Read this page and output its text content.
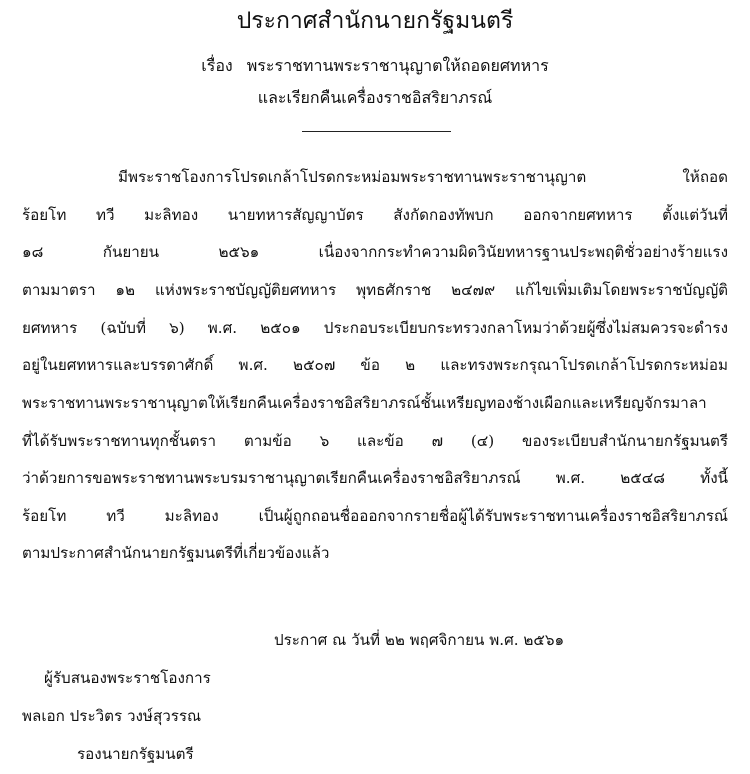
ประกาศสำนักนายกรัฐมนตรี
เรื่อง พระราชทานพระราชานุญาตให้ถอดยศทหาร
และเรียกคืนเครื่องราชอิสริยาภรณ์
มีพระราชโองการโปรดเกล้าโปรดกระหม่อมพระราชทานพระราชานุญาต ให้ถอด
ร้อยโท ทวี มะลิทอง นายทหารสัญญาบัตร สังกัดกองทัพบก ออกจากยศทหาร ตั้งแต่วันที่
๑๘ กันยายน ๒๕๖๑ เนื่องจากกระทำความผิดวินัยทหารฐานประพฤติชั่วอย่างร้ายแรง
ตามมาตรา ๑๒ แห่งพระราชบัญญัติยศทหาร พุทธศักราช ๒๔๗๙ แก้ไขเพิ่มเติมโดยพระราชบัญญัติ
ยศทหาร (ฉบับที่ ๖) พ.ศ. ๒๕๐๑ ประกอบระเบียบกระทรวงกลาโหมว่าด้วยผู้ซึ่งไม่สมควรจะดำรง
อยู่ในยศทหารและบรรดาศักดิ์ พ.ศ. ๒๕๐๗ ข้อ ๒ และทรงพระกรุณาโปรดเกล้าโปรดกระหม่อม
พระราชทานพระราชานุญาตให้เรียกคืนเครื่องราชอิสริยาภรณ์ชั้นเหรียญทองช้างเผือกและเหรียญจักรมาลา
ที่ได้รับพระราชทานทุกชั้นตรา ตามข้อ ๖ และข้อ ๗ (๔) ของระเบียบสำนักนายกรัฐมนตรี
ว่าด้วยการขอพระราชทานพระบรมราชานุญาตเรียกคืนเครื่องราชอิสริยาภรณ์ พ.ศ. ๒๕๔๘ ทั้งนี้
ร้อยโท ทวี มะลิทอง เป็นผู้ถูกถอนชื่อออกจากรายชื่อผู้ได้รับพระราชทานเครื่องราชอิสริยาภรณ์
ตามประกาศสำนักนายกรัฐมนตรีที่เกี่ยวข้องแล้ว
ประกาศ ณ วันที่ ๒๒ พฤศจิกายน พ.ศ. ๒๕๖๑
ผู้รับสนองพระราชโองการ
พลเอก ประวิตร วงษ์สุวรรณ
รองนายกรัฐมนตรี
